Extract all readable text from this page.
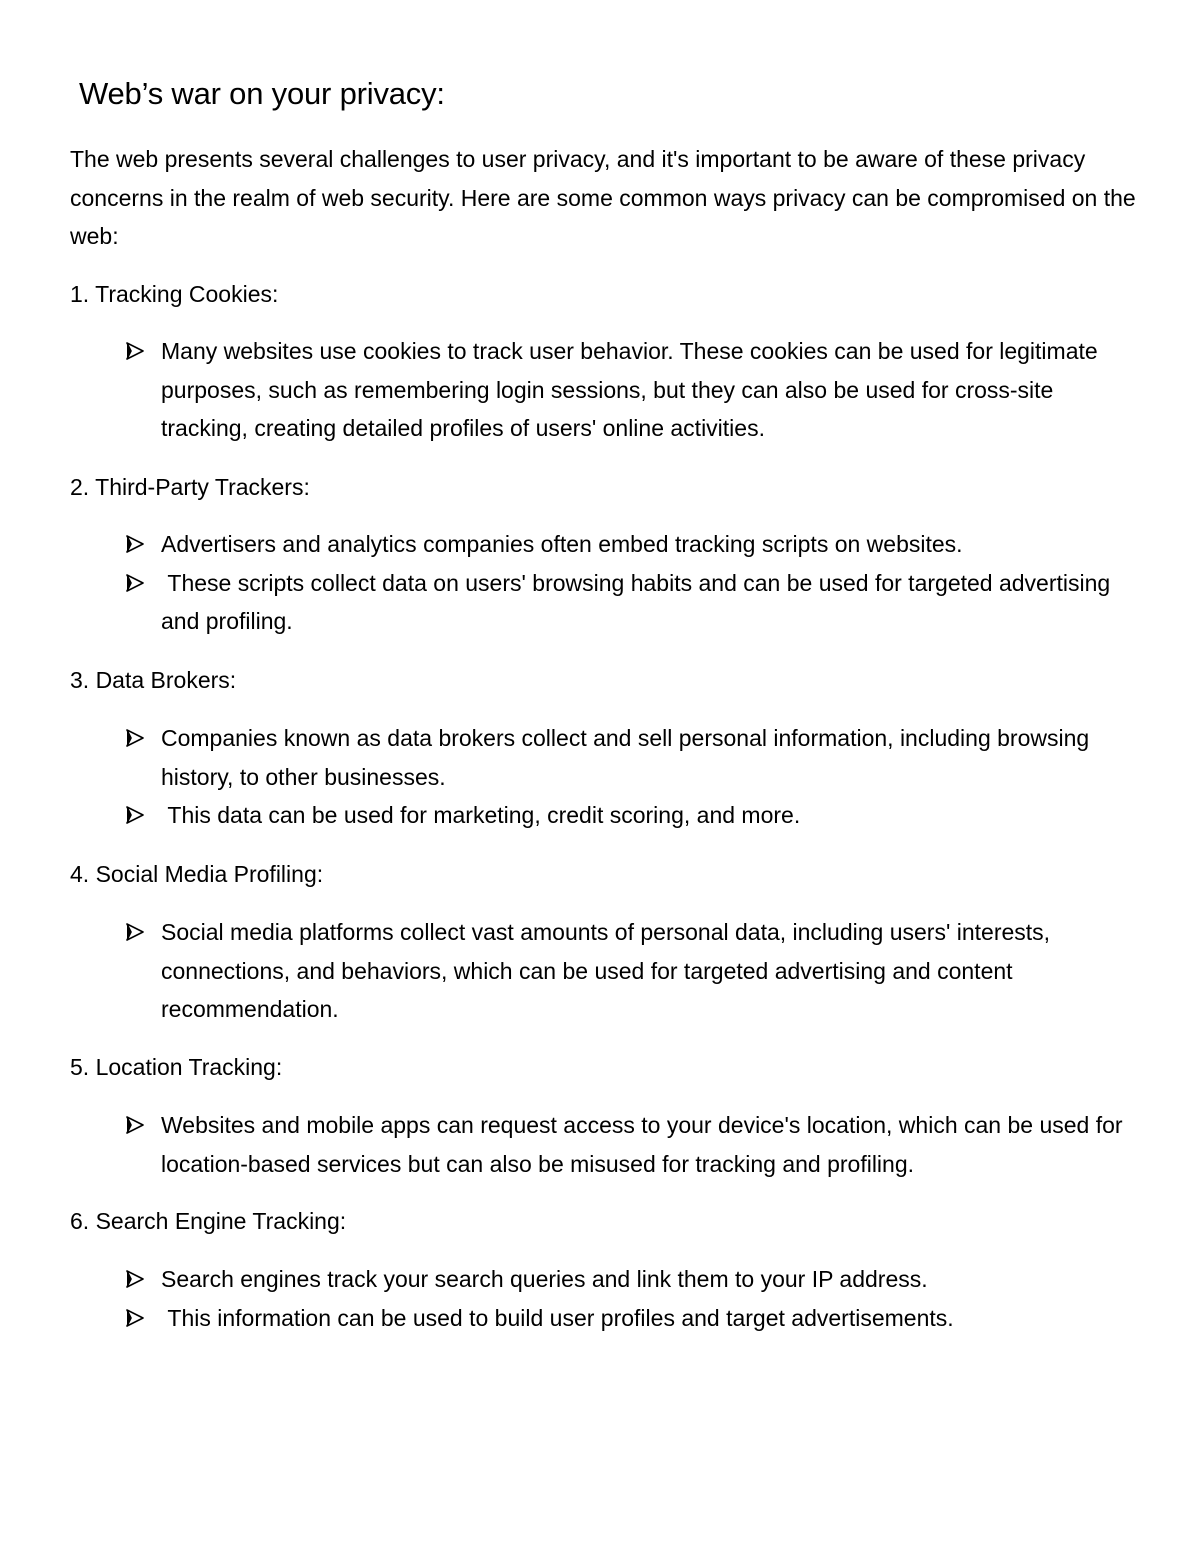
Web’s war on your privacy:

The web presents several challenges to user privacy, and it's important to be aware of these privacy concerns in the realm of web security. Here are some common ways privacy can be compromised on the web:

1. Tracking Cookies:
Many websites use cookies to track user behavior. These cookies can be used for legitimate purposes, such as remembering login sessions, but they can also be used for cross-site tracking, creating detailed profiles of users' online activities.
2. Third-Party Trackers:
Advertisers and analytics companies often embed tracking scripts on websites.
These scripts collect data on users' browsing habits and can be used for targeted advertising and profiling.
3. Data Brokers:
Companies known as data brokers collect and sell personal information, including browsing history, to other businesses.
This data can be used for marketing, credit scoring, and more.
4. Social Media Profiling:
Social media platforms collect vast amounts of personal data, including users' interests, connections, and behaviors, which can be used for targeted advertising and content recommendation.
5. Location Tracking:
Websites and mobile apps can request access to your device's location, which can be used for location-based services but can also be misused for tracking and profiling.
6. Search Engine Tracking:
Search engines track your search queries and link them to your IP address.
This information can be used to build user profiles and target advertisements.
